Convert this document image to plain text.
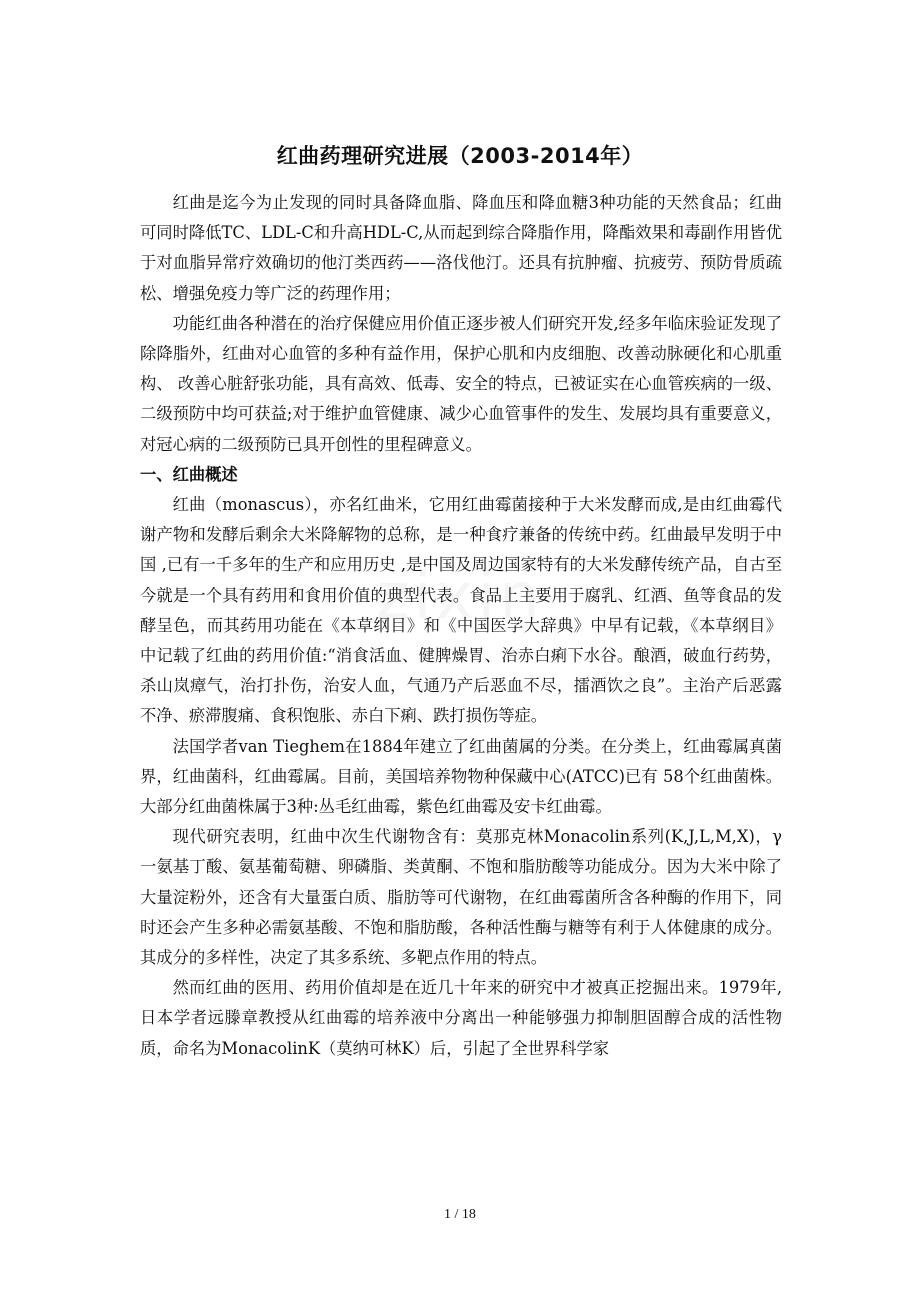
红曲药理研究进展（2003-2014年）

红曲是迄今为止发现的同时具备降血脂、降血压和降血糖3种功能的天然食品；红曲可同时降低TC、LDL-C和升高HDL-C,从而起到综合降脂作用，降酯效果和毒副作用皆优于对血脂异常疗效确切的他汀类西药——洛伐他汀。还具有抗肿瘤、抗疲劳、预防骨质疏松、增强免疫力等广泛的药理作用；

功能红曲各种潜在的治疗保健应用价值正逐步被人们研究开发,经多年临床验证发现了除降脂外，红曲对心血管的多种有益作用，保护心肌和内皮细胞、改善动脉硬化和心肌重构、 改善心脏舒张功能，具有高效、低毒、安全的特点，已被证实在心血管疾病的一级、二级预防中均可获益;对于维护血管健康、减少心血管事件的发生、发展均具有重要意义，对冠心病的二级预防已具开创性的里程碑意义。

一、红曲概述

红曲（monascus），亦名红曲米，它用红曲霉菌接种于大米发酵而成,是由红曲霉代谢产物和发酵后剩余大米降解物的总称，是一种食疗兼备的传统中药。红曲最早发明于中国 ,已有一千多年的生产和应用历史 ,是中国及周边国家特有的大米发酵传统产品，自古至今就是一个具有药用和食用价值的典型代表。食品上主要用于腐乳、红酒、鱼等食品的发酵呈色，而其药用功能在《本草纲目》和《中国医学大辞典》中早有记载，《本草纲目》中记载了红曲的药用价值:“消食活血、健脾燥胃、治赤白痢下水谷。酿酒，破血行药势，杀山岚瘴气，治打扑伤，治安人血，气通乃产后恶血不尽，擂酒饮之良”。主治产后恶露不净、瘀滞腹痛、食积饱胀、赤白下痢、跌打损伤等症。

法国学者van Tieghem在1884年建立了红曲菌属的分类。在分类上，红曲霉属真菌界，红曲菌科，红曲霉属。目前，美国培养物物种保藏中心(ATCC)已有 58个红曲菌株。大部分红曲菌株属于3种:丛毛红曲霉，紫色红曲霉及安卡红曲霉。

现代研究表明，红曲中次生代谢物含有：莫那克林Monacolin系列(K,J,L,M,X)，γ一氨基丁酸、氨基葡萄糖、卵磷脂、类黄酮、不饱和脂肪酸等功能成分。因为大米中除了大量淀粉外，还含有大量蛋白质、脂肪等可代谢物，在红曲霉菌所含各种酶的作用下，同时还会产生多种必需氨基酸、不饱和脂肪酸，各种活性酶与糖等有利于人体健康的成分。其成分的多样性，决定了其多系统、多靶点作用的特点。

然而红曲的医用、药用价值却是在近几十年来的研究中才被真正挖掘出来。1979年,日本学者远滕章教授从红曲霉的培养液中分离出一种能够强力抑制胆固醇合成的活性物质，命名为MonacolinK（莫纳可林K）后，引起了全世界科学家

1 / 18
